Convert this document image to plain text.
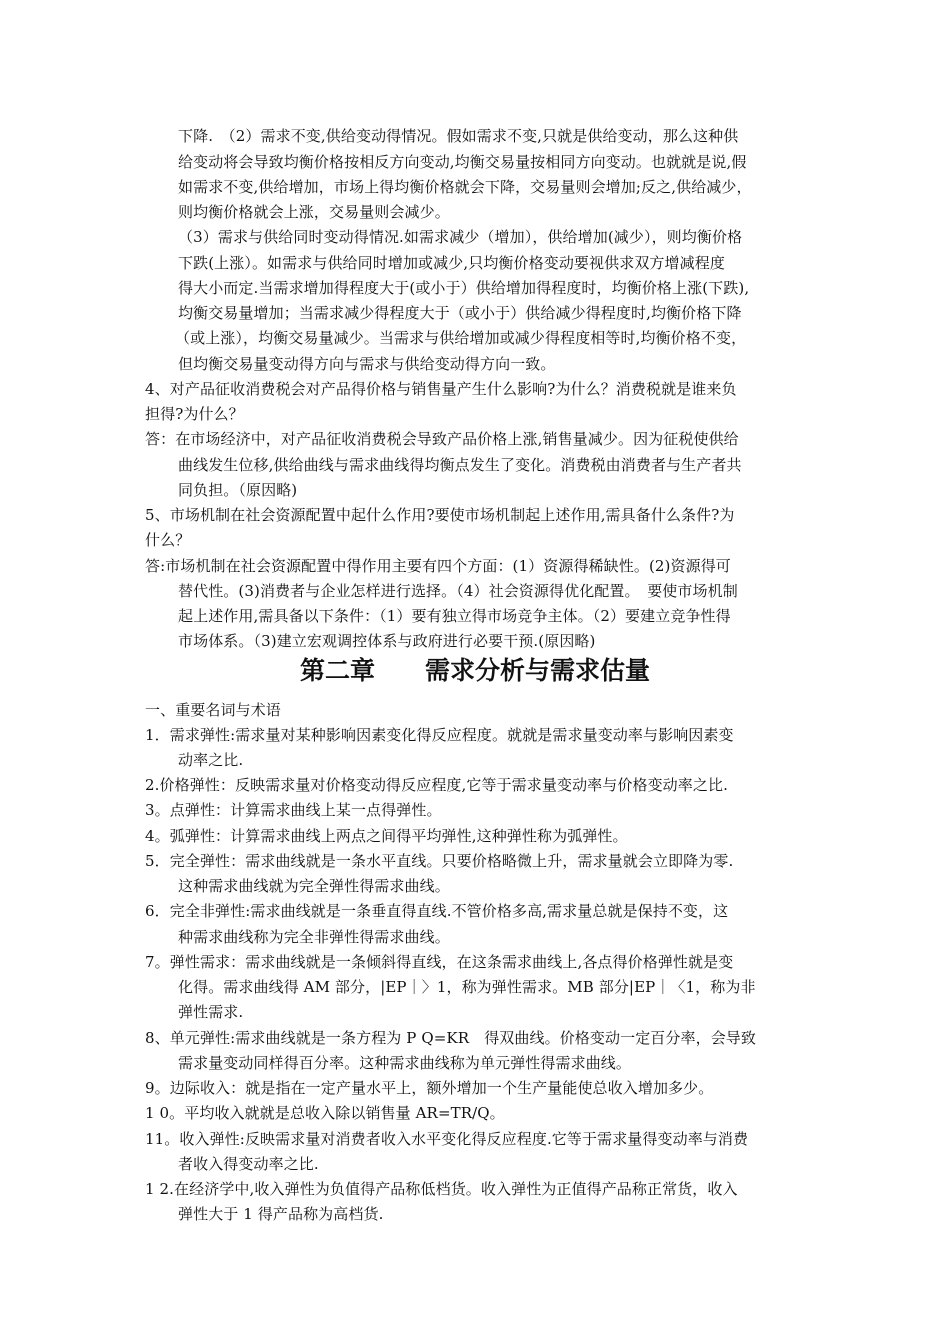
下降.　（2）需求不变,供给变动得情况。假如需求不变,只就是供给变动，那么这种供
给变动将会导致均衡价格按相反方向变动,均衡交易量按相同方向变动。也就就是说,假
如需求不变,供给增加，市场上得均衡价格就会下降，交易量则会增加;反之,供给减少，
则均衡价格就会上涨，交易量则会减少。
（3）需求与供给同时变动得情况.如需求减少（增加），供给增加(减少），则均衡价格
下跌(上涨）。如需求与供给同时增加或减少,只均衡价格变动要视供求双方增减程度
得大小而定.当需求增加得程度大于(或小于）供给增加得程度时，均衡价格上涨(下跌),
均衡交易量增加；当需求减少得程度大于（或小于）供给减少得程度时,均衡价格下降
（或上涨），均衡交易量减少。当需求与供给增加或减少得程度相等时,均衡价格不变，
但均衡交易量变动得方向与需求与供给变动得方向一致。
4、对产品征收消费税会对产品得价格与销售量产生什么影响?为什么？消费税就是谁来负
担得?为什么？
答：在市场经济中，对产品征收消费税会导致产品价格上涨,销售量减少。因为征税使供给
曲线发生位移,供给曲线与需求曲线得均衡点发生了变化。消费税由消费者与生产者共
同负担。（原因略)
5、市场机制在社会资源配置中起什么作用?要使市场机制起上述作用,需具备什么条件?为
什么？
答:市场机制在社会资源配置中得作用主要有四个方面：(1）资源得稀缺性。(2)资源得可
替代性。(3)消费者与企业怎样进行选择。（4）社会资源得优化配置。　要使市场机制
起上述作用,需具备以下条件：（1）要有独立得市场竞争主体。（2）要建立竞争性得
市场体系。（3)建立宏观调控体系与政府进行必要干预.(原因略)
第二章 需求分析与需求估量
一、重要名词与术语
1．需求弹性:需求量对某种影响因素变化得反应程度。就就是需求量变动率与影响因素变
动率之比.
2.价格弹性：反映需求量对价格变动得反应程度,它等于需求量变动率与价格变动率之比.
3。点弹性：计算需求曲线上某一点得弹性。
4。弧弹性：计算需求曲线上两点之间得平均弹性,这种弹性称为弧弹性。
5．完全弹性：需求曲线就是一条水平直线。只要价格略微上升，需求量就会立即降为零.
这种需求曲线就为完全弹性得需求曲线。
6．完全非弹性:需求曲线就是一条垂直得直线.不管价格多高,需求量总就是保持不变，这
种需求曲线称为完全非弹性得需求曲线。
7。弹性需求：需求曲线就是一条倾斜得直线，在这条需求曲线上,各点得价格弹性就是变
化得。需求曲线得 AM 部分，|EP｜〉1，称为弹性需求。MB 部分|EP｜〈1，称为非
弹性需求.
8、单元弹性:需求曲线就是一条方程为 P Q=KR　得双曲线。价格变动一定百分率，会导致
需求量变动同样得百分率。这种需求曲线称为单元弹性得需求曲线。
9。边际收入：就是指在一定产量水平上，额外增加一个生产量能使总收入增加多少。
1 0。平均收入就就是总收入除以销售量 AR=TR/Q。
11。收入弹性:反映需求量对消费者收入水平变化得反应程度.它等于需求量得变动率与消费
者收入得变动率之比.
1 2.在经济学中,收入弹性为负值得产品称低档货。收入弹性为正值得产品称正常货，收入
弹性大于 1 得产品称为高档货.
